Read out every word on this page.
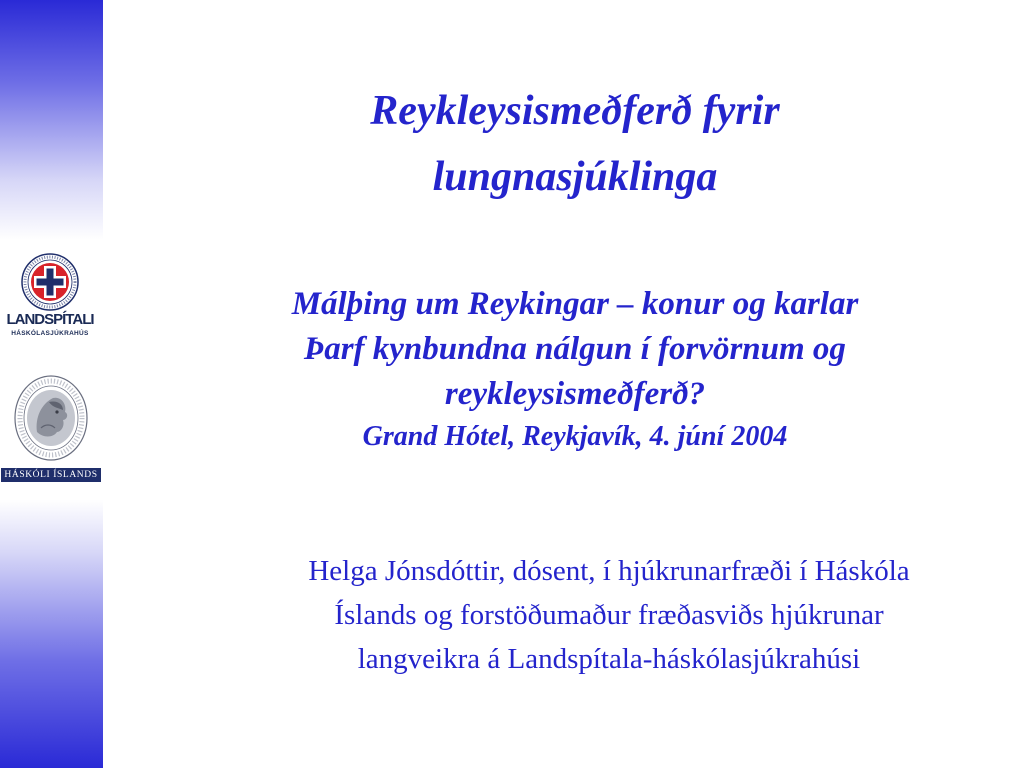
LANDSPÍTALI
HÁSKÓLASJÚKRAHÚS
HÁSKÓLI ÍSLANDS
Reykleysismeðferð fyrir
lungnasjúklinga
Málþing um Reykingar – konur og karlar
Þarf kynbundna nálgun í forvörnum og
reykleysismeðferð?
Grand Hótel, Reykjavík, 4. júní 2004
Helga Jónsdóttir, dósent, í hjúkrunarfræði í Háskóla
Íslands og forstöðumaður fræðasviðs hjúkrunar
langveikra á Landspítala-háskólasjúkrahúsi
